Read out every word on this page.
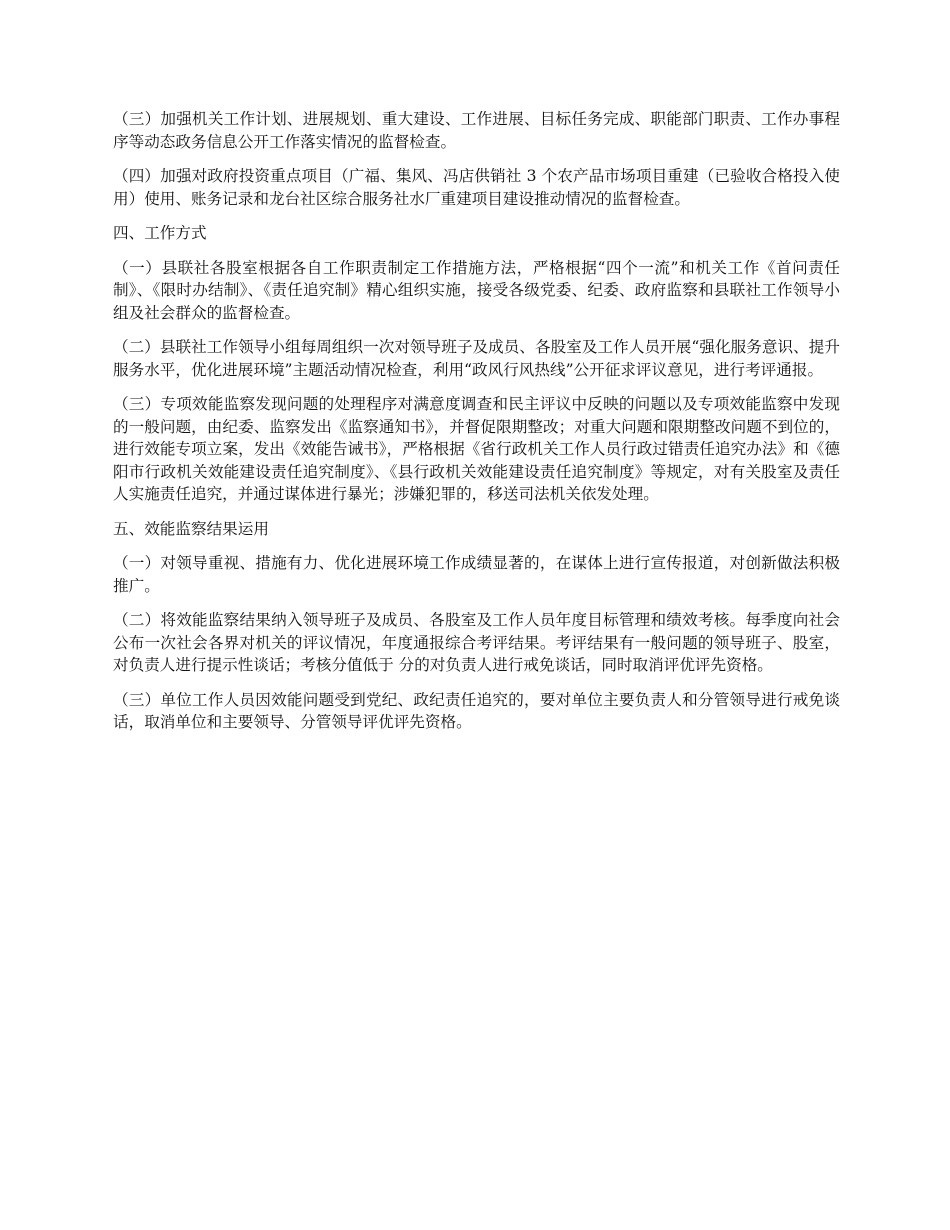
（三）加强机关工作计划、进展规划、重大建设、工作进展、目标任务完成、职能部门职责、工作办事程序等动态政务信息公开工作落实情况的监督检查。

（四）加强对政府投资重点项目（广福、集风、冯店供销社 3 个农产品市场项目重建（已验收合格投入使用）使用、账务记录和龙台社区综合服务社水厂重建项目建设推动情况的监督检查。

四、工作方式

（一）县联社各股室根据各自工作职责制定工作措施方法，严格根据“四个一流”和机关工作《首问责任制》、《限时办结制》、《责任追究制》精心组织实施，接受各级党委、纪委、政府监察和县联社工作领导小组及社会群众的监督检查。

（二）县联社工作领导小组每周组织一次对领导班子及成员、各股室及工作人员开展“强化服务意识、提升服务水平，优化进展环境”主题活动情况检查，利用“政风行风热线”公开征求评议意见，进行考评通报。

（三）专项效能监察发现问题的处理程序对满意度调查和民主评议中反映的问题以及专项效能监察中发现的一般问题，由纪委、监察发出《监察通知书》，并督促限期整改；对重大问题和限期整改问题不到位的，进行效能专项立案，发出《效能告诫书》，严格根据《省行政机关工作人员行政过错责任追究办法》和《德阳市行政机关效能建设责任追究制度》、《县行政机关效能建设责任追究制度》等规定，对有关股室及责任人实施责任追究，并通过谋体进行暴光；涉嫌犯罪的，移送司法机关依发处理。

五、效能监察结果运用

（一）对领导重视、措施有力、优化进展环境工作成绩显著的，在谋体上进行宣传报道，对创新做法积极推广。

（二）将效能监察结果纳入领导班子及成员、各股室及工作人员年度目标管理和绩效考核。每季度向社会公布一次社会各界对机关的评议情况，年度通报综合考评结果。考评结果有一般问题的领导班子、股室，对负责人进行提示性谈话；考核分值低于 分的对负责人进行戒免谈话，同时取消评优评先资格。

（三）单位工作人员因效能问题受到党纪、政纪责任追究的，要对单位主要负责人和分管领导进行戒免谈话，取消单位和主要领导、分管领导评优评先资格。
